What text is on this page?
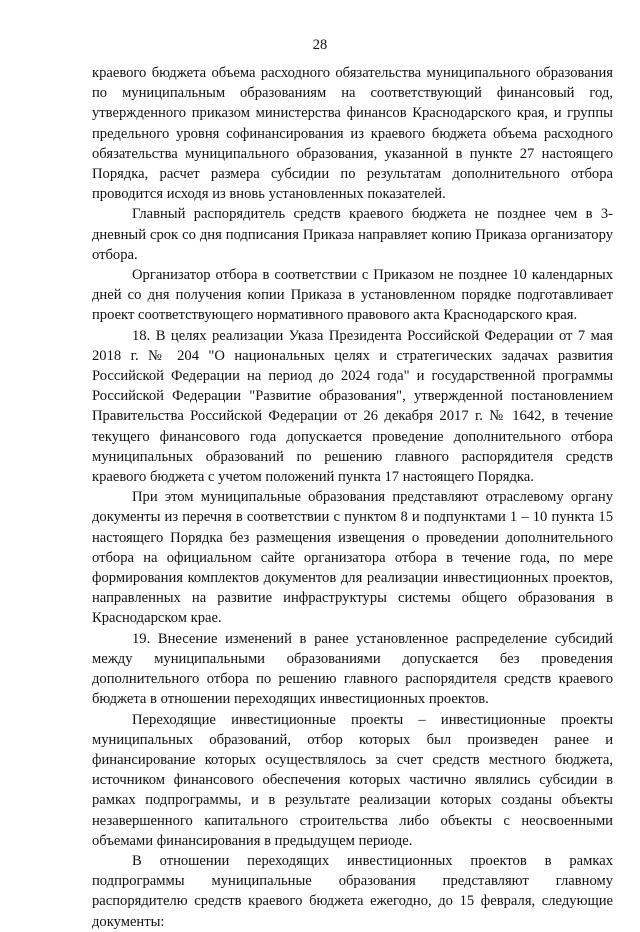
28

краевого бюджета объема расходного обязательства муниципального образования по муниципальным образованиям на соответствующий финансовый год, утвержденного приказом министерства финансов Краснодарского края, и группы предельного уровня софинансирования из краевого бюджета объема расходного обязательства муниципального образования, указанной в пункте 27 настоящего Порядка, расчет размера субсидии по результатам дополнительного отбора проводится исходя из вновь установленных показателей.

Главный распорядитель средств краевого бюджета не позднее чем в 3-дневный срок со дня подписания Приказа направляет копию Приказа организатору отбора.

Организатор отбора в соответствии с Приказом не позднее 10 календарных дней со дня получения копии Приказа в установленном порядке подготавливает проект соответствующего нормативного правового акта Краснодарского края.

18. В целях реализации Указа Президента Российской Федерации от 7 мая 2018 г. № 204 "О национальных целях и стратегических задачах развития Российской Федерации на период до 2024 года" и государственной программы Российской Федерации "Развитие образования", утвержденной постановлением Правительства Российской Федерации от 26 декабря 2017 г. № 1642, в течение текущего финансового года допускается проведение дополнительного отбора муниципальных образований по решению главного распорядителя средств краевого бюджета с учетом положений пункта 17 настоящего Порядка.

При этом муниципальные образования представляют отраслевому органу документы из перечня в соответствии с пунктом 8 и подпунктами 1 – 10 пункта 15 настоящего Порядка без размещения извещения о проведении дополнительного отбора на официальном сайте организатора отбора в течение года, по мере формирования комплектов документов для реализации инвестиционных проектов, направленных на развитие инфраструктуры системы общего образования в Краснодарском крае.

19. Внесение изменений в ранее установленное распределение субсидий между муниципальными образованиями допускается без проведения дополнительного отбора по решению главного распорядителя средств краевого бюджета в отношении переходящих инвестиционных проектов.

Переходящие инвестиционные проекты – инвестиционные проекты муниципальных образований, отбор которых был произведен ранее и финансирование которых осуществлялось за счет средств местного бюджета, источником финансового обеспечения которых частично являлись субсидии в рамках подпрограммы, и в результате реализации которых созданы объекты незавершенного капитального строительства либо объекты с неосвоенными объемами финансирования в предыдущем периоде.

В отношении переходящих инвестиционных проектов в рамках подпрограммы муниципальные образования представляют главному распорядителю средств краевого бюджета ежегодно, до 15 февраля, следующие документы:
